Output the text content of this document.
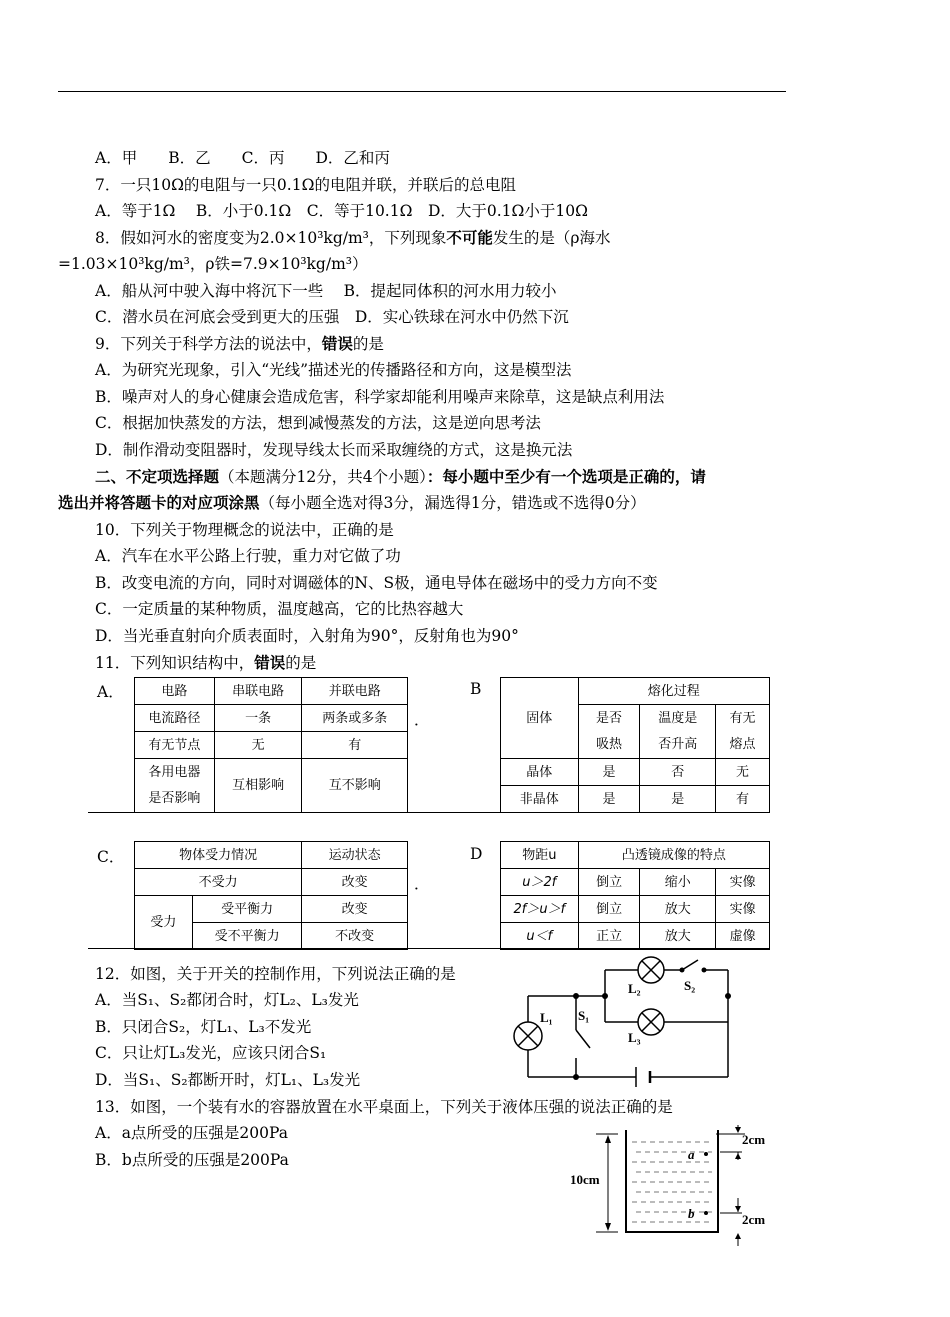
A．甲　　B．乙　　C．丙　　D．乙和丙
7．一只10Ω的电阻与一只0.1Ω的电阻并联，并联后的总电阻
A．等于1Ω　 B．小于0.1Ω　C．等于10.1Ω　D．大于0.1Ω小于10Ω
8．假如河水的密度变为2.0×10³kg/m³，下列现象不可能发生的是（ρ海水
=1.03×10³kg/m³，ρ铁=7.9×10³kg/m³）
A．船从河中驶入海中将沉下一些　 B．提起同体积的河水用力较小
C．潜水员在河底会受到更大的压强　D．实心铁球在河水中仍然下沉
9．下列关于科学方法的说法中，错误的是
A．为研究光现象，引入“光线”描述光的传播路径和方向，这是模型法
B．噪声对人的身心健康会造成危害，科学家却能利用噪声来除草，这是缺点利用法
C．根据加快蒸发的方法，想到减慢蒸发的方法，这是逆向思考法
D．制作滑动变阻器时，发现导线太长而采取缠绕的方式，这是换元法
二、不定项选择题（本题满分12分，共4个小题）：每小题中至少有一个选项是正确的，请
选出并将答题卡的对应项涂黑（每小题全选对得3分，漏选得1分，错选或不选得0分）
10．下列关于物理概念的说法中，正确的是
A．汽车在水平公路上行驶，重力对它做了功
B．改变电流的方向，同时对调磁体的N、S极，通电导体在磁场中的受力方向不变
C．一定质量的某种物质，温度越高，它的比热容越大
D．当光垂直射向介质表面时，入射角为90°，反射角也为90°
11．下列知识结构中，错误的是
A．
．
B
C．
．
D
电路	串联电路	并联电路
电流路径	一条	两条或多条
有无节点	无	有
各用电器是否影响	互相影响	互不影响
固体	熔化过程		
	是否吸热	温度是否升高	有无熔点
晶体	是	否	无
非晶体	是	是	有
物体受力情况		运动状态
不受力		改变
受力	受平衡力	改变
	受不平衡力	不改变
物距u	凸透镜成像的特点		
u＞2f	倒立	缩小	实像
2f＞u＞f	倒立	放大	实像
u＜f	正立	放大	虚像
12．如图，关于开关的控制作用，下列说法正确的是
A．当S₁、S₂都闭合时，灯L₂、L₃发光
B．只闭合S₂，灯L₁、L₃不发光
C．只让灯L₃发光，应该只闭合S₁
D．当S₁、S₂都断开时，灯L₁、L₃发光
13．如图，一个装有水的容器放置在水平桌面上，下列关于液体压强的说法正确的是
A．a点所受的压强是200Pa
B．b点所受的压强是200Pa
L₁
L₂
L₃
S₁
S₂
2cm
10cm
2cm
a
b
